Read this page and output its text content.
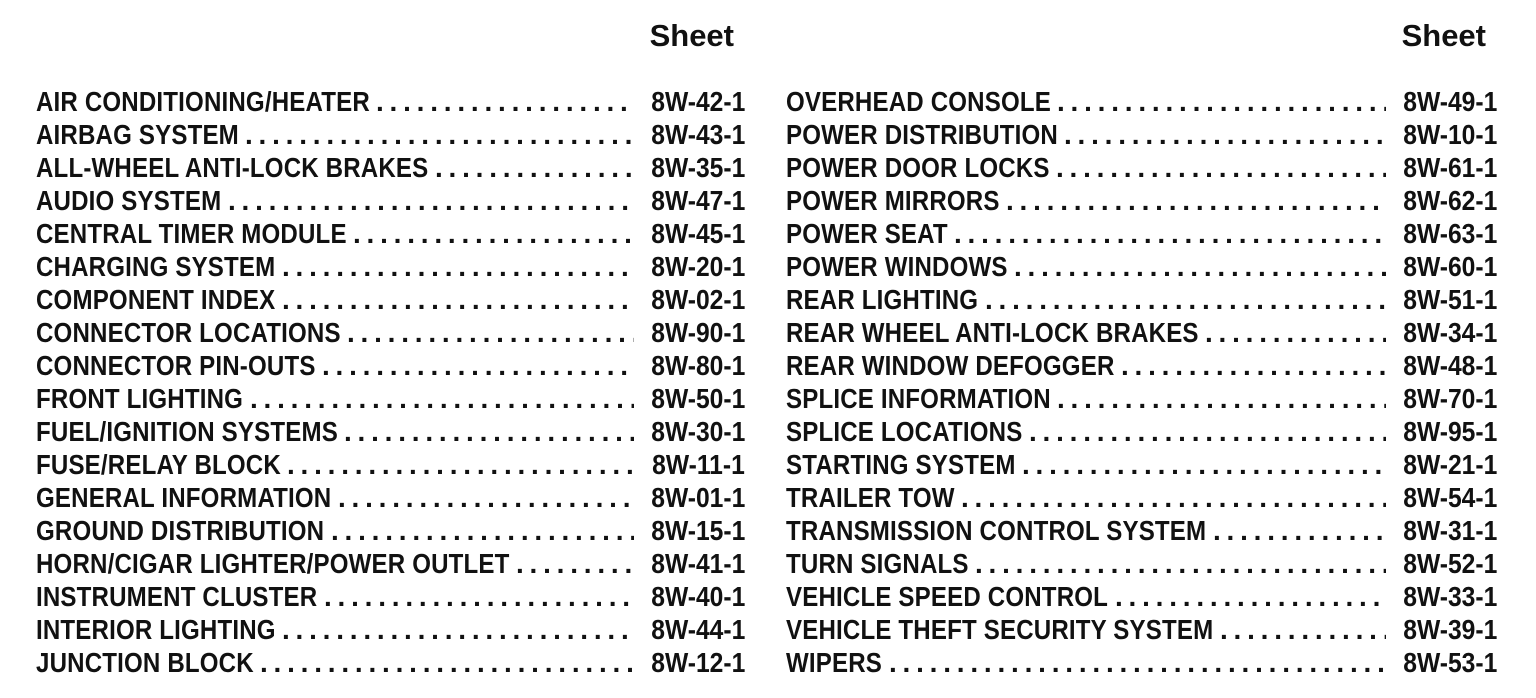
Sheet
AIR CONDITIONING/HEATER . . .	8W-42-1
AIRBAG SYSTEM . . .	8W-43-1
ALL-WHEEL ANTI-LOCK BRAKES . . .	8W-35-1
AUDIO SYSTEM . . .	8W-47-1
CENTRAL TIMER MODULE . . .	8W-45-1
CHARGING SYSTEM . . .	8W-20-1
COMPONENT INDEX . . .	8W-02-1
CONNECTOR LOCATIONS . . .	8W-90-1
CONNECTOR PIN-OUTS . . .	8W-80-1
FRONT LIGHTING . . .	8W-50-1
FUEL/IGNITION SYSTEMS . . .	8W-30-1
FUSE/RELAY BLOCK . . .	8W-11-1
GENERAL INFORMATION . . .	8W-01-1
GROUND DISTRIBUTION . . .	8W-15-1
HORN/CIGAR LIGHTER/POWER OUTLET . . .	8W-41-1
INSTRUMENT CLUSTER . . .	8W-40-1
INTERIOR LIGHTING . . .	8W-44-1
JUNCTION BLOCK . . .	8W-12-1
Sheet
OVERHEAD CONSOLE . . .	8W-49-1
POWER DISTRIBUTION . . .	8W-10-1
POWER DOOR LOCKS . . .	8W-61-1
POWER MIRRORS . . .	8W-62-1
POWER SEAT . . .	8W-63-1
POWER WINDOWS . . .	8W-60-1
REAR LIGHTING . . .	8W-51-1
REAR WHEEL ANTI-LOCK BRAKES . . .	8W-34-1
REAR WINDOW DEFOGGER . . .	8W-48-1
SPLICE INFORMATION . . .	8W-70-1
SPLICE LOCATIONS . . .	8W-95-1
STARTING SYSTEM . . .	8W-21-1
TRAILER TOW . . .	8W-54-1
TRANSMISSION CONTROL SYSTEM . . .	8W-31-1
TURN SIGNALS . . .	8W-52-1
VEHICLE SPEED CONTROL . . .	8W-33-1
VEHICLE THEFT SECURITY SYSTEM . . .	8W-39-1
WIPERS . . .	8W-53-1
